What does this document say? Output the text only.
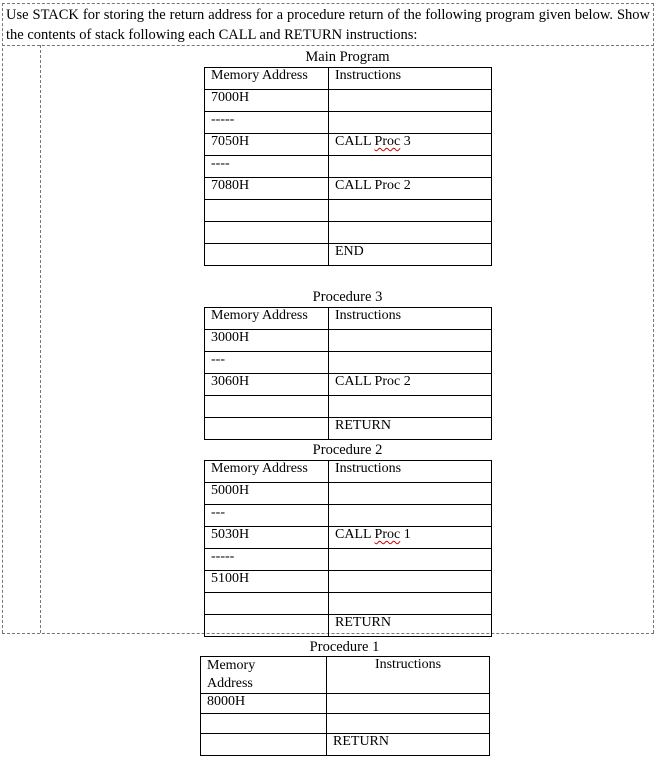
Use STACK for storing the return address for a procedure return of the following program given below. Show the contents of stack following each CALL and RETURN instructions:
Main Program
Memory Address	Instructions
7000H	
-----	
7050H	CALL Proc 3
----	
7080H	CALL Proc 2

	END
Procedure 3
Memory Address	Instructions
3000H	
---	
3060H	CALL Proc 2

	RETURN
Procedure 2
Memory Address	Instructions
5000H	
---	
5030H	CALL Proc 1
-----	
5100H	

	RETURN
Procedure 1
Memory Address	Instructions
8000H	

	RETURN
